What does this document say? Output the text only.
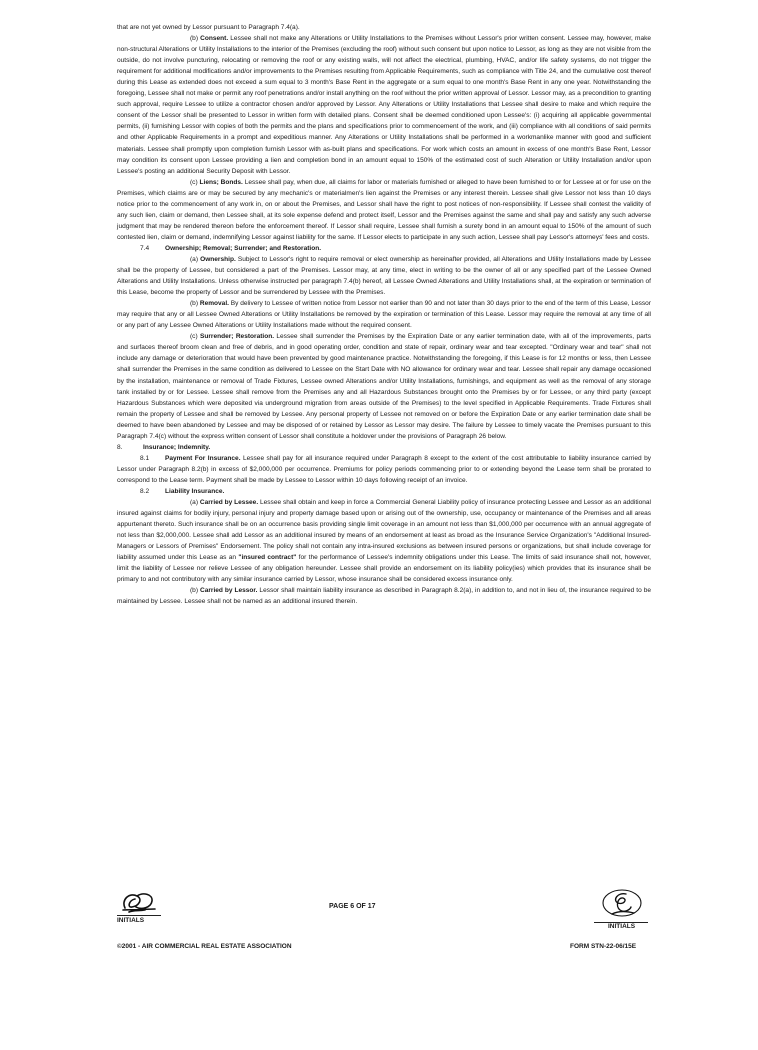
that are not yet owned by Lessor pursuant to Paragraph 7.4(a).

(b) Consent. Lessee shall not make any Alterations or Utility Installations to the Premises without Lessor's prior written consent. Lessee may, however, make non-structural Alterations or Utility Installations to the interior of the Premises (excluding the roof) without such consent but upon notice to Lessor, as long as they are not visible from the outside, do not involve puncturing, relocating or removing the roof or any existing walls, will not affect the electrical, plumbing, HVAC, and/or life safety systems, do not trigger the requirement for additional modifications and/or improvements to the Premises resulting from Applicable Requirements, such as compliance with Title 24, and the cumulative cost thereof during this Lease as extended does not exceed a sum equal to 3 month's Base Rent in the aggregate or a sum equal to one month's Base Rent in any one year. Notwithstanding the foregoing, Lessee shall not make or permit any roof penetrations and/or install anything on the roof without the prior written approval of Lessor. Lessor may, as a precondition to granting such approval, require Lessee to utilize a contractor chosen and/or approved by Lessor. Any Alterations or Utility Installations that Lessee shall desire to make and which require the consent of the Lessor shall be presented to Lessor in written form with detailed plans. Consent shall be deemed conditioned upon Lessee's: (i) acquiring all applicable governmental permits, (ii) furnishing Lessor with copies of both the permits and the plans and specifications prior to commencement of the work, and (iii) compliance with all conditions of said permits and other Applicable Requirements in a prompt and expeditious manner. Any Alterations or Utility Installations shall be performed in a workmanlike manner with good and sufficient materials. Lessee shall promptly upon completion furnish Lessor with as-built plans and specifications. For work which costs an amount in excess of one month's Base Rent, Lessor may condition its consent upon Lessee providing a lien and completion bond in an amount equal to 150% of the estimated cost of such Alteration or Utility Installation and/or upon Lessee's posting an additional Security Deposit with Lessor.

(c) Liens; Bonds. Lessee shall pay, when due, all claims for labor or materials furnished or alleged to have been furnished to or for Lessee at or for use on the Premises, which claims are or may be secured by any mechanic's or materialmen's lien against the Premises or any interest therein. Lessee shall give Lessor not less than 10 days notice prior to the commencement of any work in, on or about the Premises, and Lessor shall have the right to post notices of non-responsibility. If Lessee shall contest the validity of any such lien, claim or demand, then Lessee shall, at its sole expense defend and protect itself, Lessor and the Premises against the same and shall pay and satisfy any such adverse judgment that may be rendered thereon before the enforcement thereof. If Lessor shall require, Lessee shall furnish a surety bond in an amount equal to 150% of the amount of such contested lien, claim or demand, indemnifying Lessor against liability for the same. If Lessor elects to participate in any such action, Lessee shall pay Lessor's attorneys' fees and costs.

7.4 Ownership; Removal; Surrender; and Restoration.

(a) Ownership. Subject to Lessor's right to require removal or elect ownership as hereinafter provided, all Alterations and Utility Installations made by Lessee shall be the property of Lessee, but considered a part of the Premises. Lessor may, at any time, elect in writing to be the owner of all or any specified part of the Lessee Owned Alterations and Utility Installations. Unless otherwise instructed per paragraph 7.4(b) hereof, all Lessee Owned Alterations and Utility Installations shall, at the expiration or termination of this Lease, become the property of Lessor and be surrendered by Lessee with the Premises.

(b) Removal. By delivery to Lessee of written notice from Lessor not earlier than 90 and not later than 30 days prior to the end of the term of this Lease, Lessor may require that any or all Lessee Owned Alterations or Utility Installations be removed by the expiration or termination of this Lease. Lessor may require the removal at any time of all or any part of any Lessee Owned Alterations or Utility Installations made without the required consent.

(c) Surrender; Restoration. Lessee shall surrender the Premises by the Expiration Date or any earlier termination date, with all of the improvements, parts and surfaces thereof broom clean and free of debris, and in good operating order, condition and state of repair, ordinary wear and tear excepted. "Ordinary wear and tear" shall not include any damage or deterioration that would have been prevented by good maintenance practice. Notwithstanding the foregoing, if this Lease is for 12 months or less, then Lessee shall surrender the Premises in the same condition as delivered to Lessee on the Start Date with NO allowance for ordinary wear and tear. Lessee shall repair any damage occasioned by the installation, maintenance or removal of Trade Fixtures, Lessee owned Alterations and/or Utility Installations, furnishings, and equipment as well as the removal of any storage tank installed by or for Lessee. Lessee shall remove from the Premises any and all Hazardous Substances brought onto the Premises by or for Lessee, or any third party (except Hazardous Substances which were deposited via underground migration from areas outside of the Premises) to the level specified in Applicable Requirements. Trade Fixtures shall remain the property of Lessee and shall be removed by Lessee. Any personal property of Lessee not removed on or before the Expiration Date or any earlier termination date shall be deemed to have been abandoned by Lessee and may be disposed of or retained by Lessor as Lessor may desire. The failure by Lessee to timely vacate the Premises pursuant to this Paragraph 7.4(c) without the express written consent of Lessor shall constitute a holdover under the provisions of Paragraph 26 below.

8.	Insurance; Indemnity.

8.1 Payment For Insurance. Lessee shall pay for all insurance required under Paragraph 8 except to the extent of the cost attributable to liability insurance carried by Lessor under Paragraph 8.2(b) in excess of $2,000,000 per occurrence. Premiums for policy periods commencing prior to or extending beyond the Lease term shall be prorated to correspond to the Lease term. Payment shall be made by Lessee to Lessor within 10 days following receipt of an invoice.

8.2 Liability Insurance.

(a) Carried by Lessee. Lessee shall obtain and keep in force a Commercial General Liability policy of insurance protecting Lessee and Lessor as an additional insured against claims for bodily injury, personal injury and property damage based upon or arising out of the ownership, use, occupancy or maintenance of the Premises and all areas appurtenant thereto. Such insurance shall be on an occurrence basis providing single limit coverage in an amount not less than $1,000,000 per occurrence with an annual aggregate of not less than $2,000,000. Lessee shall add Lessor as an additional insured by means of an endorsement at least as broad as the Insurance Service Organization's "Additional Insured-Managers or Lessors of Premises" Endorsement. The policy shall not contain any intra-insured exclusions as between insured persons or organizations, but shall include coverage for liability assumed under this Lease as an "insured contract" for the performance of Lessee's indemnity obligations under this Lease. The limits of said insurance shall not, however, limit the liability of Lessee nor relieve Lessee of any obligation hereunder. Lessee shall provide an endorsement on its liability policy(ies) which provides that its insurance shall be primary to and not contributory with any similar insurance carried by Lessor, whose insurance shall be considered excess insurance only.

(b) Carried by Lessor. Lessor shall maintain liability insurance as described in Paragraph 8.2(a), in addition to, and not in lieu of, the insurance required to be maintained by Lessee. Lessee shall not be named as an additional insured therein.

INITIALS
PAGE 6 OF 17
INITIALS
©2001 - AIR COMMERCIAL REAL ESTATE ASSOCIATION	FORM STN-22-06/15E
